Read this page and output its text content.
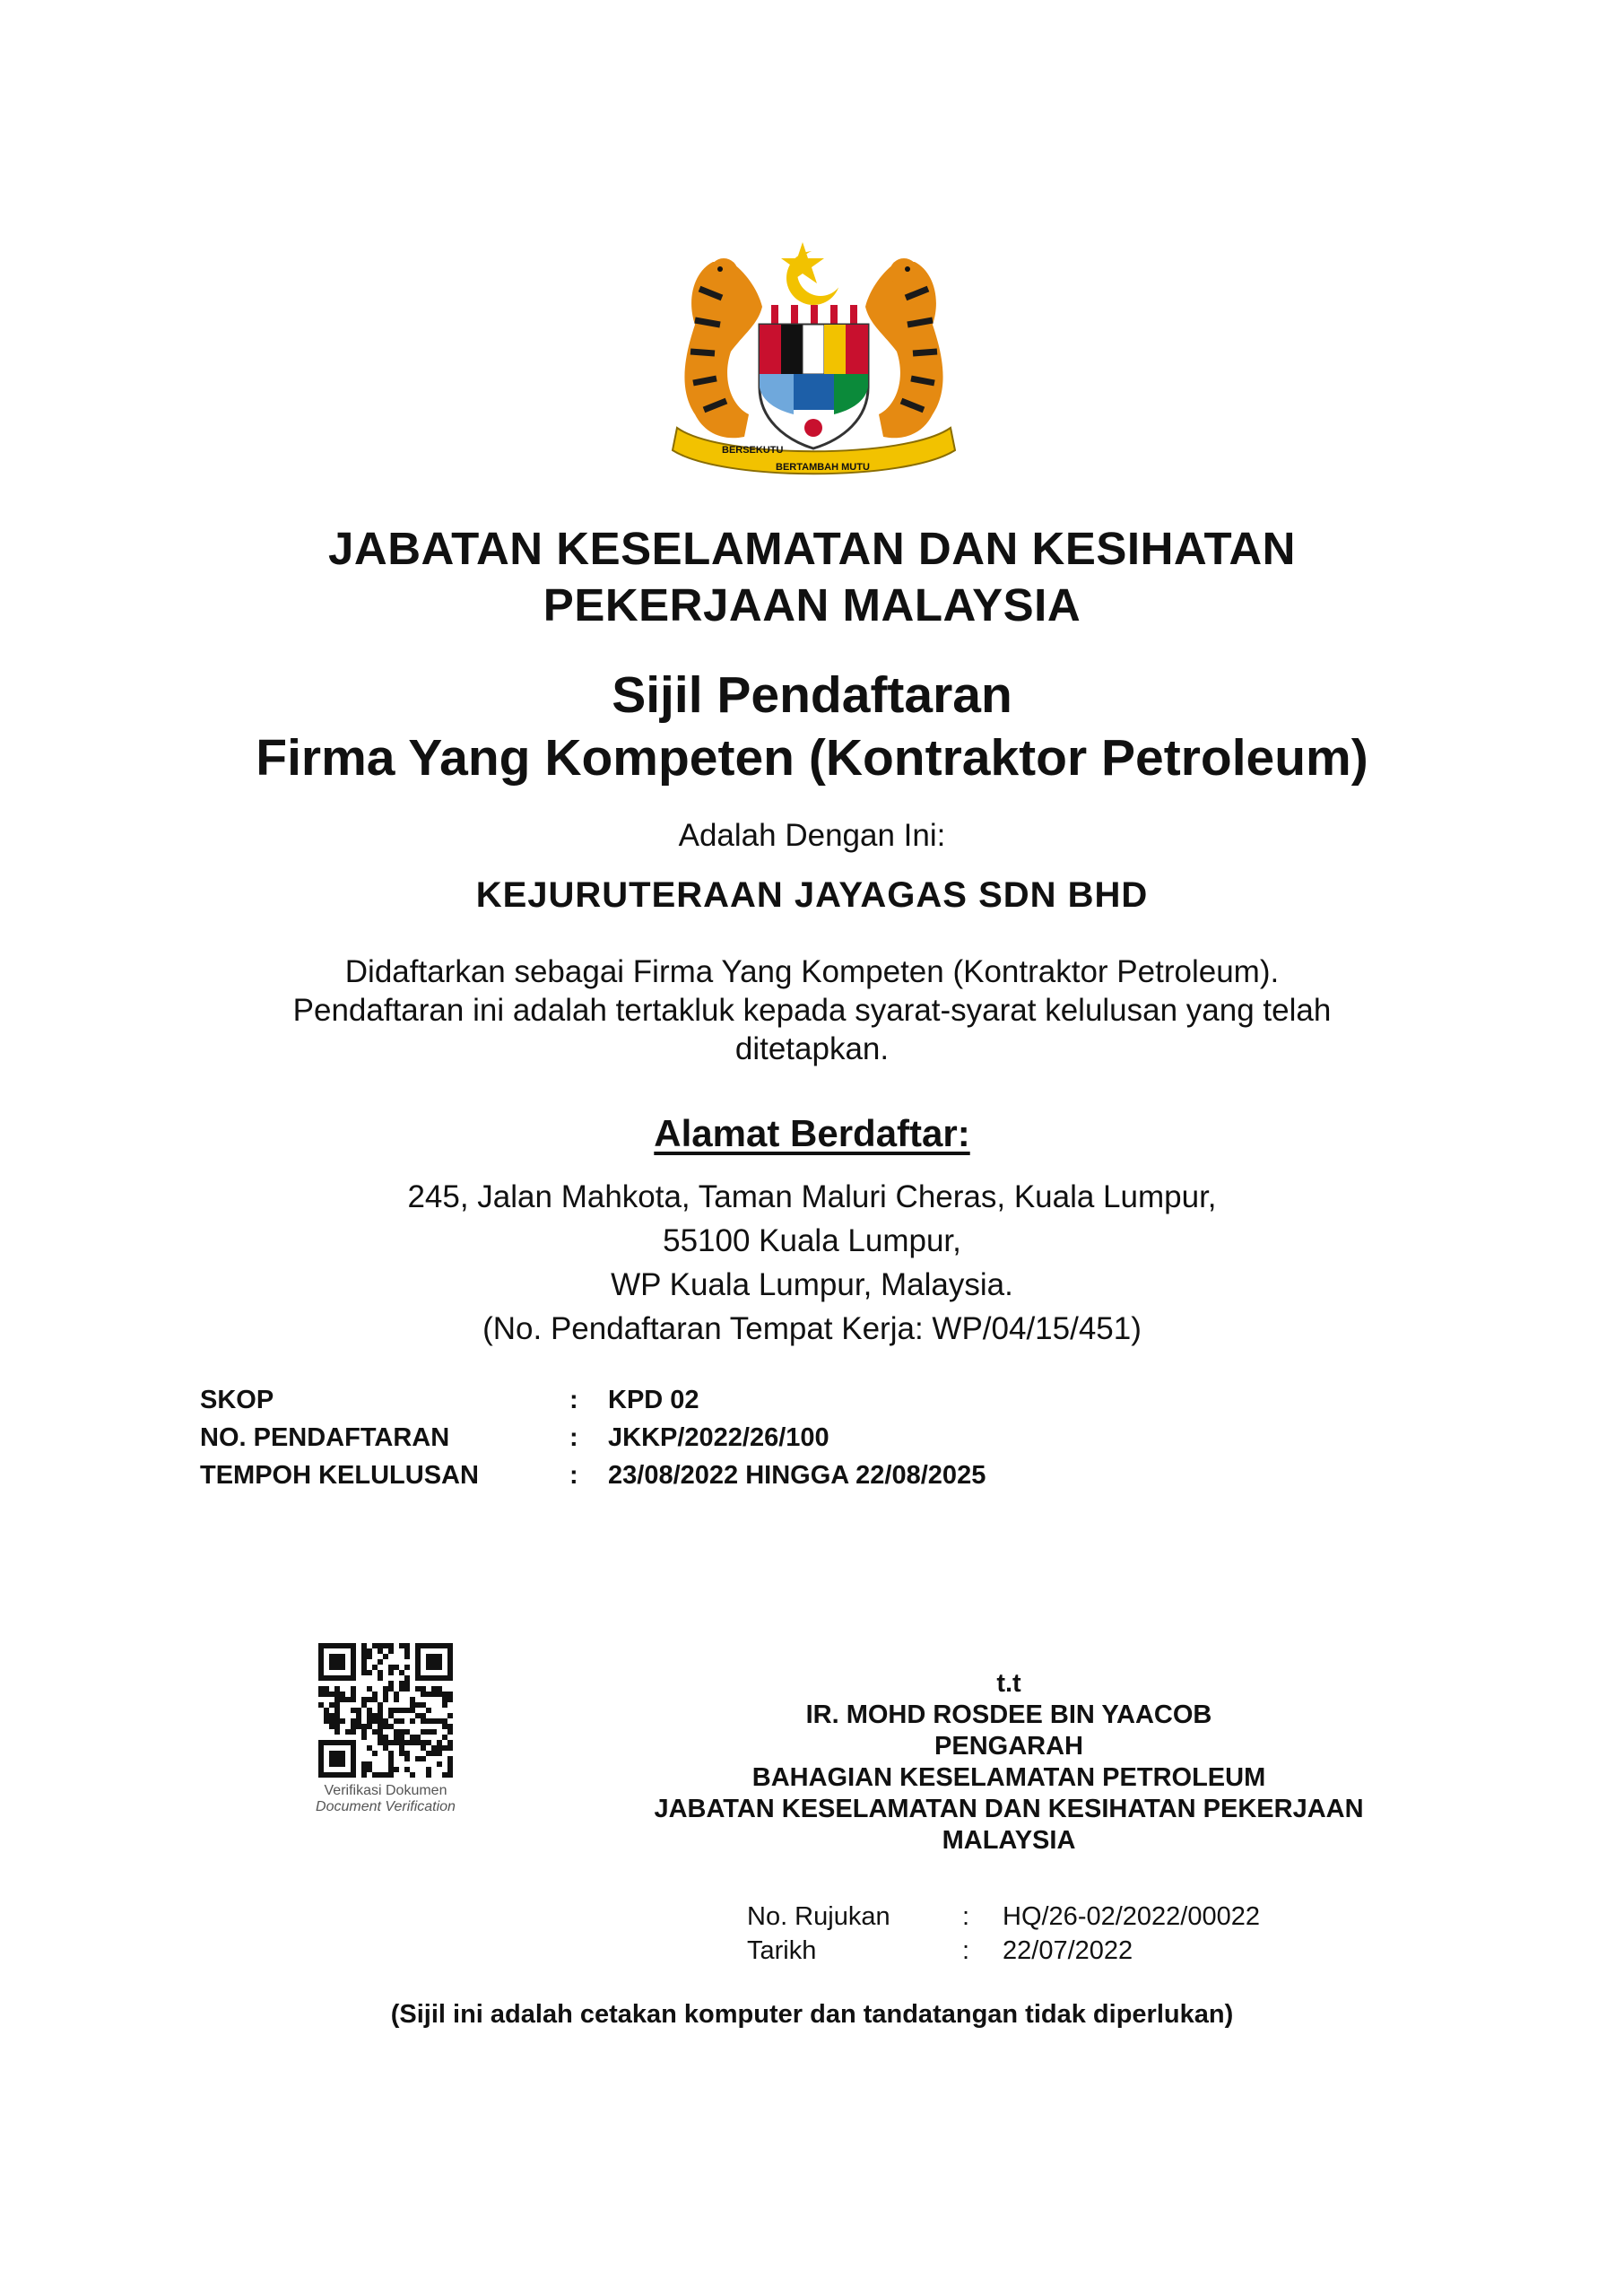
BERSEKUTU
BERTAMBAH MUTU
JABATAN KESELAMATAN DAN KESIHATAN
PEKERJAAN MALAYSIA
Sijil Pendaftaran
Firma Yang Kompeten (Kontraktor Petroleum)
Adalah Dengan Ini:
KEJURUTERAAN JAYAGAS SDN BHD
Didaftarkan sebagai Firma Yang Kompeten (Kontraktor Petroleum).
Pendaftaran ini adalah tertakluk kepada syarat-syarat kelulusan yang telah
ditetapkan.
Alamat Berdaftar:
245, Jalan Mahkota, Taman Maluri Cheras, Kuala Lumpur,
55100 Kuala Lumpur,
WP Kuala Lumpur, Malaysia.
(No. Pendaftaran Tempat Kerja: WP/04/15/451)
SKOP	:	KPD 02
NO. PENDAFTARAN	:	JKKP/2022/26/100
TEMPOH KELULUSAN	:	23/08/2022 HINGGA 22/08/2025
Verifikasi Dokumen
Document Verification
t.t
IR. MOHD ROSDEE BIN YAACOB
PENGARAH
BAHAGIAN KESELAMATAN PETROLEUM
JABATAN KESELAMATAN DAN KESIHATAN PEKERJAAN
MALAYSIA
No. Rujukan	:	HQ/26-02/2022/00022
Tarikh	:	22/07/2022
(Sijil ini adalah cetakan komputer dan tandatangan tidak diperlukan)
